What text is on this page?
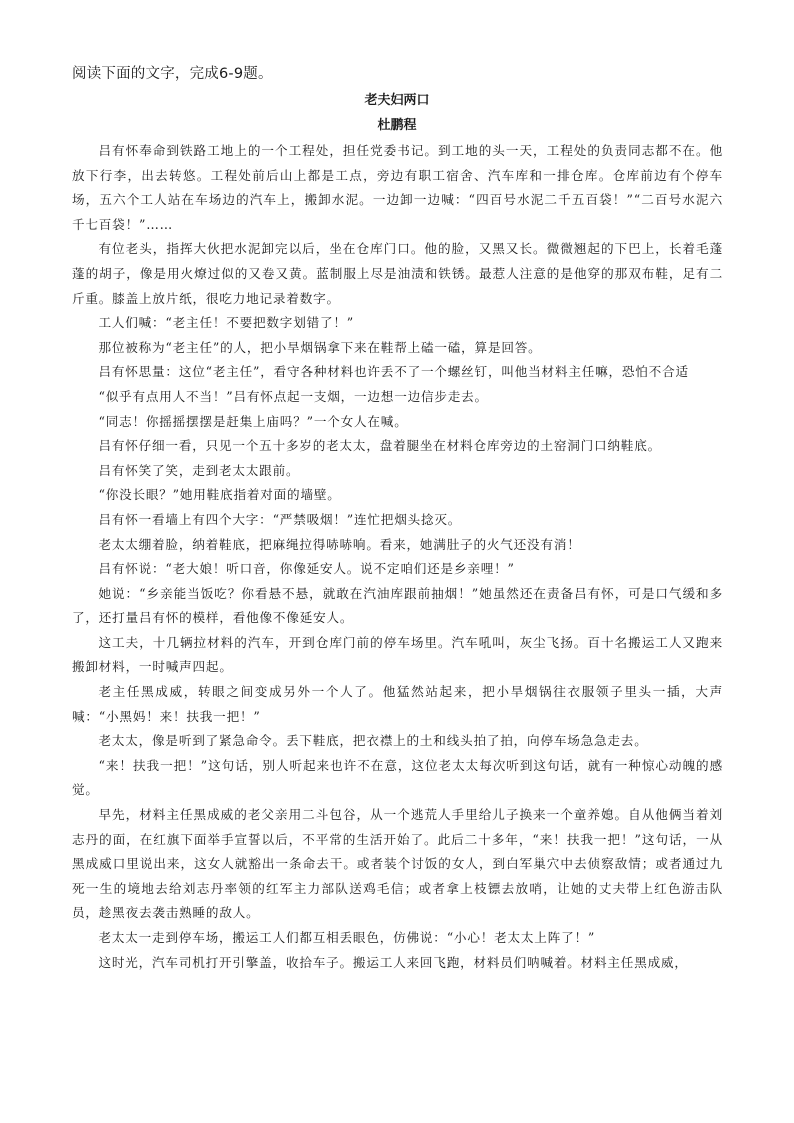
阅读下面的文字，完成6-9题。
老夫妇两口
杜鹏程

吕有怀奉命到铁路工地上的一个工程处，担任党委书记。到工地的头一天，工程处的负责同志都不在。他放下行李，出去转悠。工程处前后山上都是工点，旁边有职工宿舍、汽车库和一排仓库。仓库前边有个停车场，五六个工人站在车场边的汽车上，搬卸水泥。一边卸一边喊：“四百号水泥二千五百袋！”“二百号水泥六千七百袋！”……

有位老头，指挥大伙把水泥卸完以后，坐在仓库门口。他的脸，又黑又长。微微翘起的下巴上，长着毛蓬蓬的胡子，像是用火燎过似的又卷又黄。蓝制服上尽是油渍和铁锈。最惹人注意的是他穿的那双布鞋，足有二斤重。膝盖上放片纸，很吃力地记录着数字。

工人们喊：“老主任！不要把数字划错了！”

那位被称为“老主任”的人，把小旱烟锅拿下来在鞋帮上磕一磕，算是回答。

吕有怀思量：这位“老主任”，看守各种材料也许丢不了一个螺丝钉，叫他当材料主任嘛，恐怕不合适

“似乎有点用人不当！”吕有怀点起一支烟，一边想一边信步走去。

“同志！你摇摇摆摆是赶集上庙吗？”一个女人在喊。

吕有怀仔细一看，只见一个五十多岁的老太太，盘着腿坐在材料仓库旁边的土窑洞门口纳鞋底。

吕有怀笑了笑，走到老太太跟前。

“你没长眼？”她用鞋底指着对面的墙壁。

吕有怀一看墙上有四个大字：“严禁吸烟！”连忙把烟头捻灭。

老太太绷着脸，纳着鞋底，把麻绳拉得哧哧响。看来，她满肚子的火气还没有消！

吕有怀说：“老大娘！听口音，你像延安人。说不定咱们还是乡亲哩！”

她说：“乡亲能当饭吃？你看悬不悬，就敢在汽油库跟前抽烟！”她虽然还在责备吕有怀，可是口气缓和多了，还打量吕有怀的模样，看他像不像延安人。

这工夫，十几辆拉材料的汽车，开到仓库门前的停车场里。汽车吼叫，灰尘飞扬。百十名搬运工人又跑来搬卸材料，一时喊声四起。

老主任黑成威，转眼之间变成另外一个人了。他猛然站起来，把小旱烟锅往衣服领子里头一插，大声喊：“小黑妈！来！扶我一把！”

老太太，像是听到了紧急命令。丢下鞋底，把衣襟上的土和线头拍了拍，向停车场急急走去。

“来！扶我一把！”这句话，别人听起来也许不在意，这位老太太每次听到这句话，就有一种惊心动魄的感觉。

早先，材料主任黑成威的老父亲用二斗包谷，从一个逃荒人手里给儿子换来一个童养媳。自从他俩当着刘志丹的面，在红旗下面举手宣誓以后，不平常的生活开始了。此后二十多年，“来！扶我一把！”这句话，一从黑成威口里说出来，这女人就豁出一条命去干。或者装个讨饭的女人，到白军巢穴中去侦察敌情；或者通过九死一生的境地去给刘志丹率领的红军主力部队送鸡毛信；或者拿上枝镖去放哨，让她的丈夫带上红色游击队员，趁黑夜去袭击熟睡的敌人。

老太太一走到停车场，搬运工人们都互相丢眼色，仿佛说：“小心！老太太上阵了！”

这时光，汽车司机打开引擎盖，收拾车子。搬运工人来回飞跑，材料员们呐喊着。材料主任黑成威，
